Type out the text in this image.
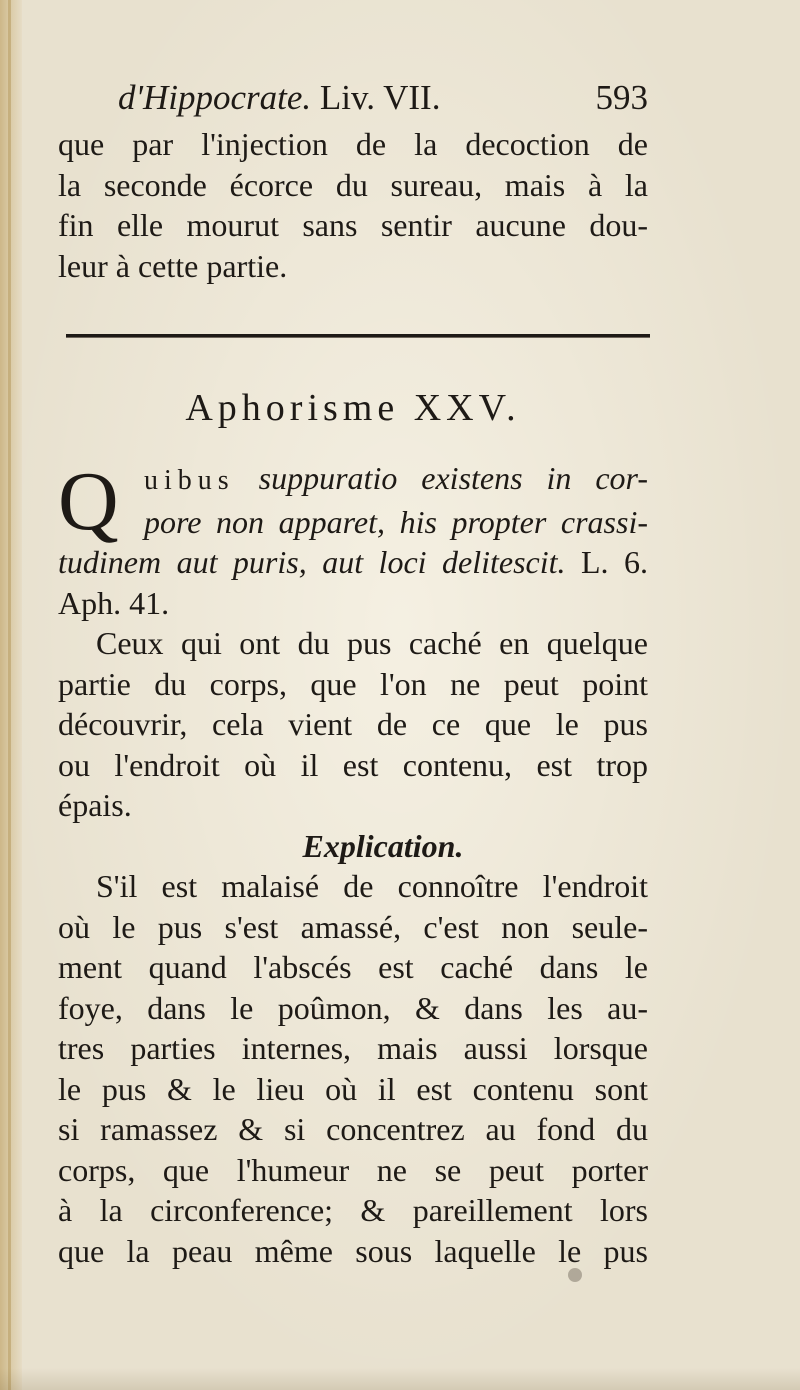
d'Hippocrate. Liv. VII.	593
que par l'injection de la decoction de
la seconde écorce du sureau, mais à la
fin elle mourut sans sentir aucune dou-
leur à cette partie.
Aphorisme XXV.
Q uibus suppuratio existens in cor-
pore non apparet, his propter crassi-
tudinem aut puris, aut loci delitescit. L. 6.
Aph. 41.
Ceux qui ont du pus caché en quelque
partie du corps, que l'on ne peut point
découvrir, cela vient de ce que le pus
ou l'endroit où il est contenu, est trop
épais.
Explication.
S'il est malaisé de connoître l'endroit
où le pus s'est amassé, c'est non seule-
ment quand l'abscés est caché dans le
foye, dans le poûmon, & dans les au-
tres parties internes, mais aussi lorsque
le pus & le lieu où il est contenu sont
si ramassez & si concentrez au fond du
corps, que l'humeur ne se peut porter
à la circonference; & pareillement lors
que la peau même sous laquelle le pus
